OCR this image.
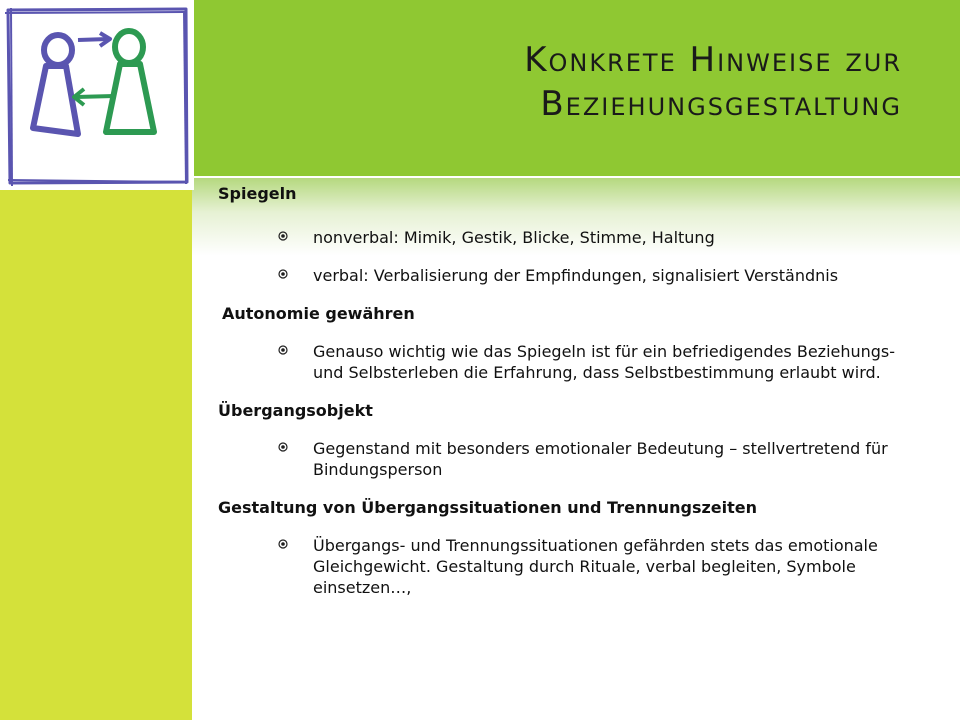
Konkrete Hinweise zur
Beziehungsgestaltung

Spiegeln

nonverbal: Mimik, Gestik, Blicke, Stimme, Haltung

verbal: Verbalisierung der Empfindungen, signalisiert Verständnis

Autonomie gewähren

Genauso wichtig wie das Spiegeln ist für ein befriedigendes Beziehungs- und Selbsterleben die Erfahrung, dass Selbstbestimmung erlaubt wird.

Übergangsobjekt

Gegenstand mit besonders emotionaler Bedeutung – stellvertretend für Bindungsperson

Gestaltung von Übergangssituationen und Trennungszeiten

Übergangs- und Trennungssituationen gefährden stets das emotionale Gleichgewicht. Gestaltung durch Rituale, verbal begleiten, Symbole einsetzen…,
